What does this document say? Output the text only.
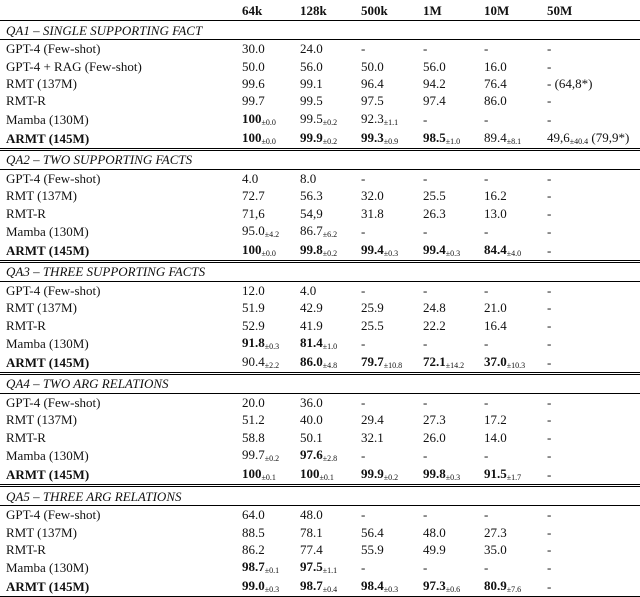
	64k	128k	500k	1M	10M	50M
QA1 – SINGLE SUPPORTING FACT						
GPT-4 (Few-shot)	30.0	24.0	-	-	-	-
GPT-4 + RAG (Few-shot)	50.0	56.0	50.0	56.0	16.0	-
RMT (137M)	99.6	99.1	96.4	94.2	76.4	- (64,8*)
RMT-R	99.7	99.5	97.5	97.4	86.0	-
Mamba (130M)	100±0.0	99.5±0.2	92.3±1.1	-	-	-
ARMT (145M)	100±0.0	99.9±0.2	99.3±0.9	98.5±1.0	89.4±8.1	49,6±40.4 (79,9*)
QA2 – TWO SUPPORTING FACTS						
GPT-4 (Few-shot)	4.0	8.0	-	-	-	-
RMT (137M)	72.7	56.3	32.0	25.5	16.2	-
RMT-R	71,6	54,9	31.8	26.3	13.0	-
Mamba (130M)	95.0±4.2	86.7±6.2	-	-	-	-
ARMT (145M)	100±0.0	99.8±0.2	99.4±0.3	99.4±0.3	84.4±4.0	-
QA3 – THREE SUPPORTING FACTS						
GPT-4 (Few-shot)	12.0	4.0	-	-	-	-
RMT (137M)	51.9	42.9	25.9	24.8	21.0	-
RMT-R	52.9	41.9	25.5	22.2	16.4	-
Mamba (130M)	91.8±0.3	81.4±1.0	-	-	-	-
ARMT (145M)	90.4±2.2	86.0±4.8	79.7±10.8	72.1±14.2	37.0±10.3	-
QA4 – TWO ARG RELATIONS						
GPT-4 (Few-shot)	20.0	36.0	-	-	-	-
RMT (137M)	51.2	40.0	29.4	27.3	17.2	-
RMT-R	58.8	50.1	32.1	26.0	14.0	-
Mamba (130M)	99.7±0.2	97.6±2.8	-	-	-	-
ARMT (145M)	100±0.1	100±0.1	99.9±0.2	99.8±0.3	91.5±1.7	-
QA5 – THREE ARG RELATIONS						
GPT-4 (Few-shot)	64.0	48.0	-	-	-	-
RMT (137M)	88.5	78.1	56.4	48.0	27.3	-
RMT-R	86.2	77.4	55.9	49.9	35.0	-
Mamba (130M)	98.7±0.1	97.5±1.1	-	-	-	-
ARMT (145M)	99.0±0.3	98.7±0.4	98.4±0.3	97.3±0.6	80.9±7.6	-
